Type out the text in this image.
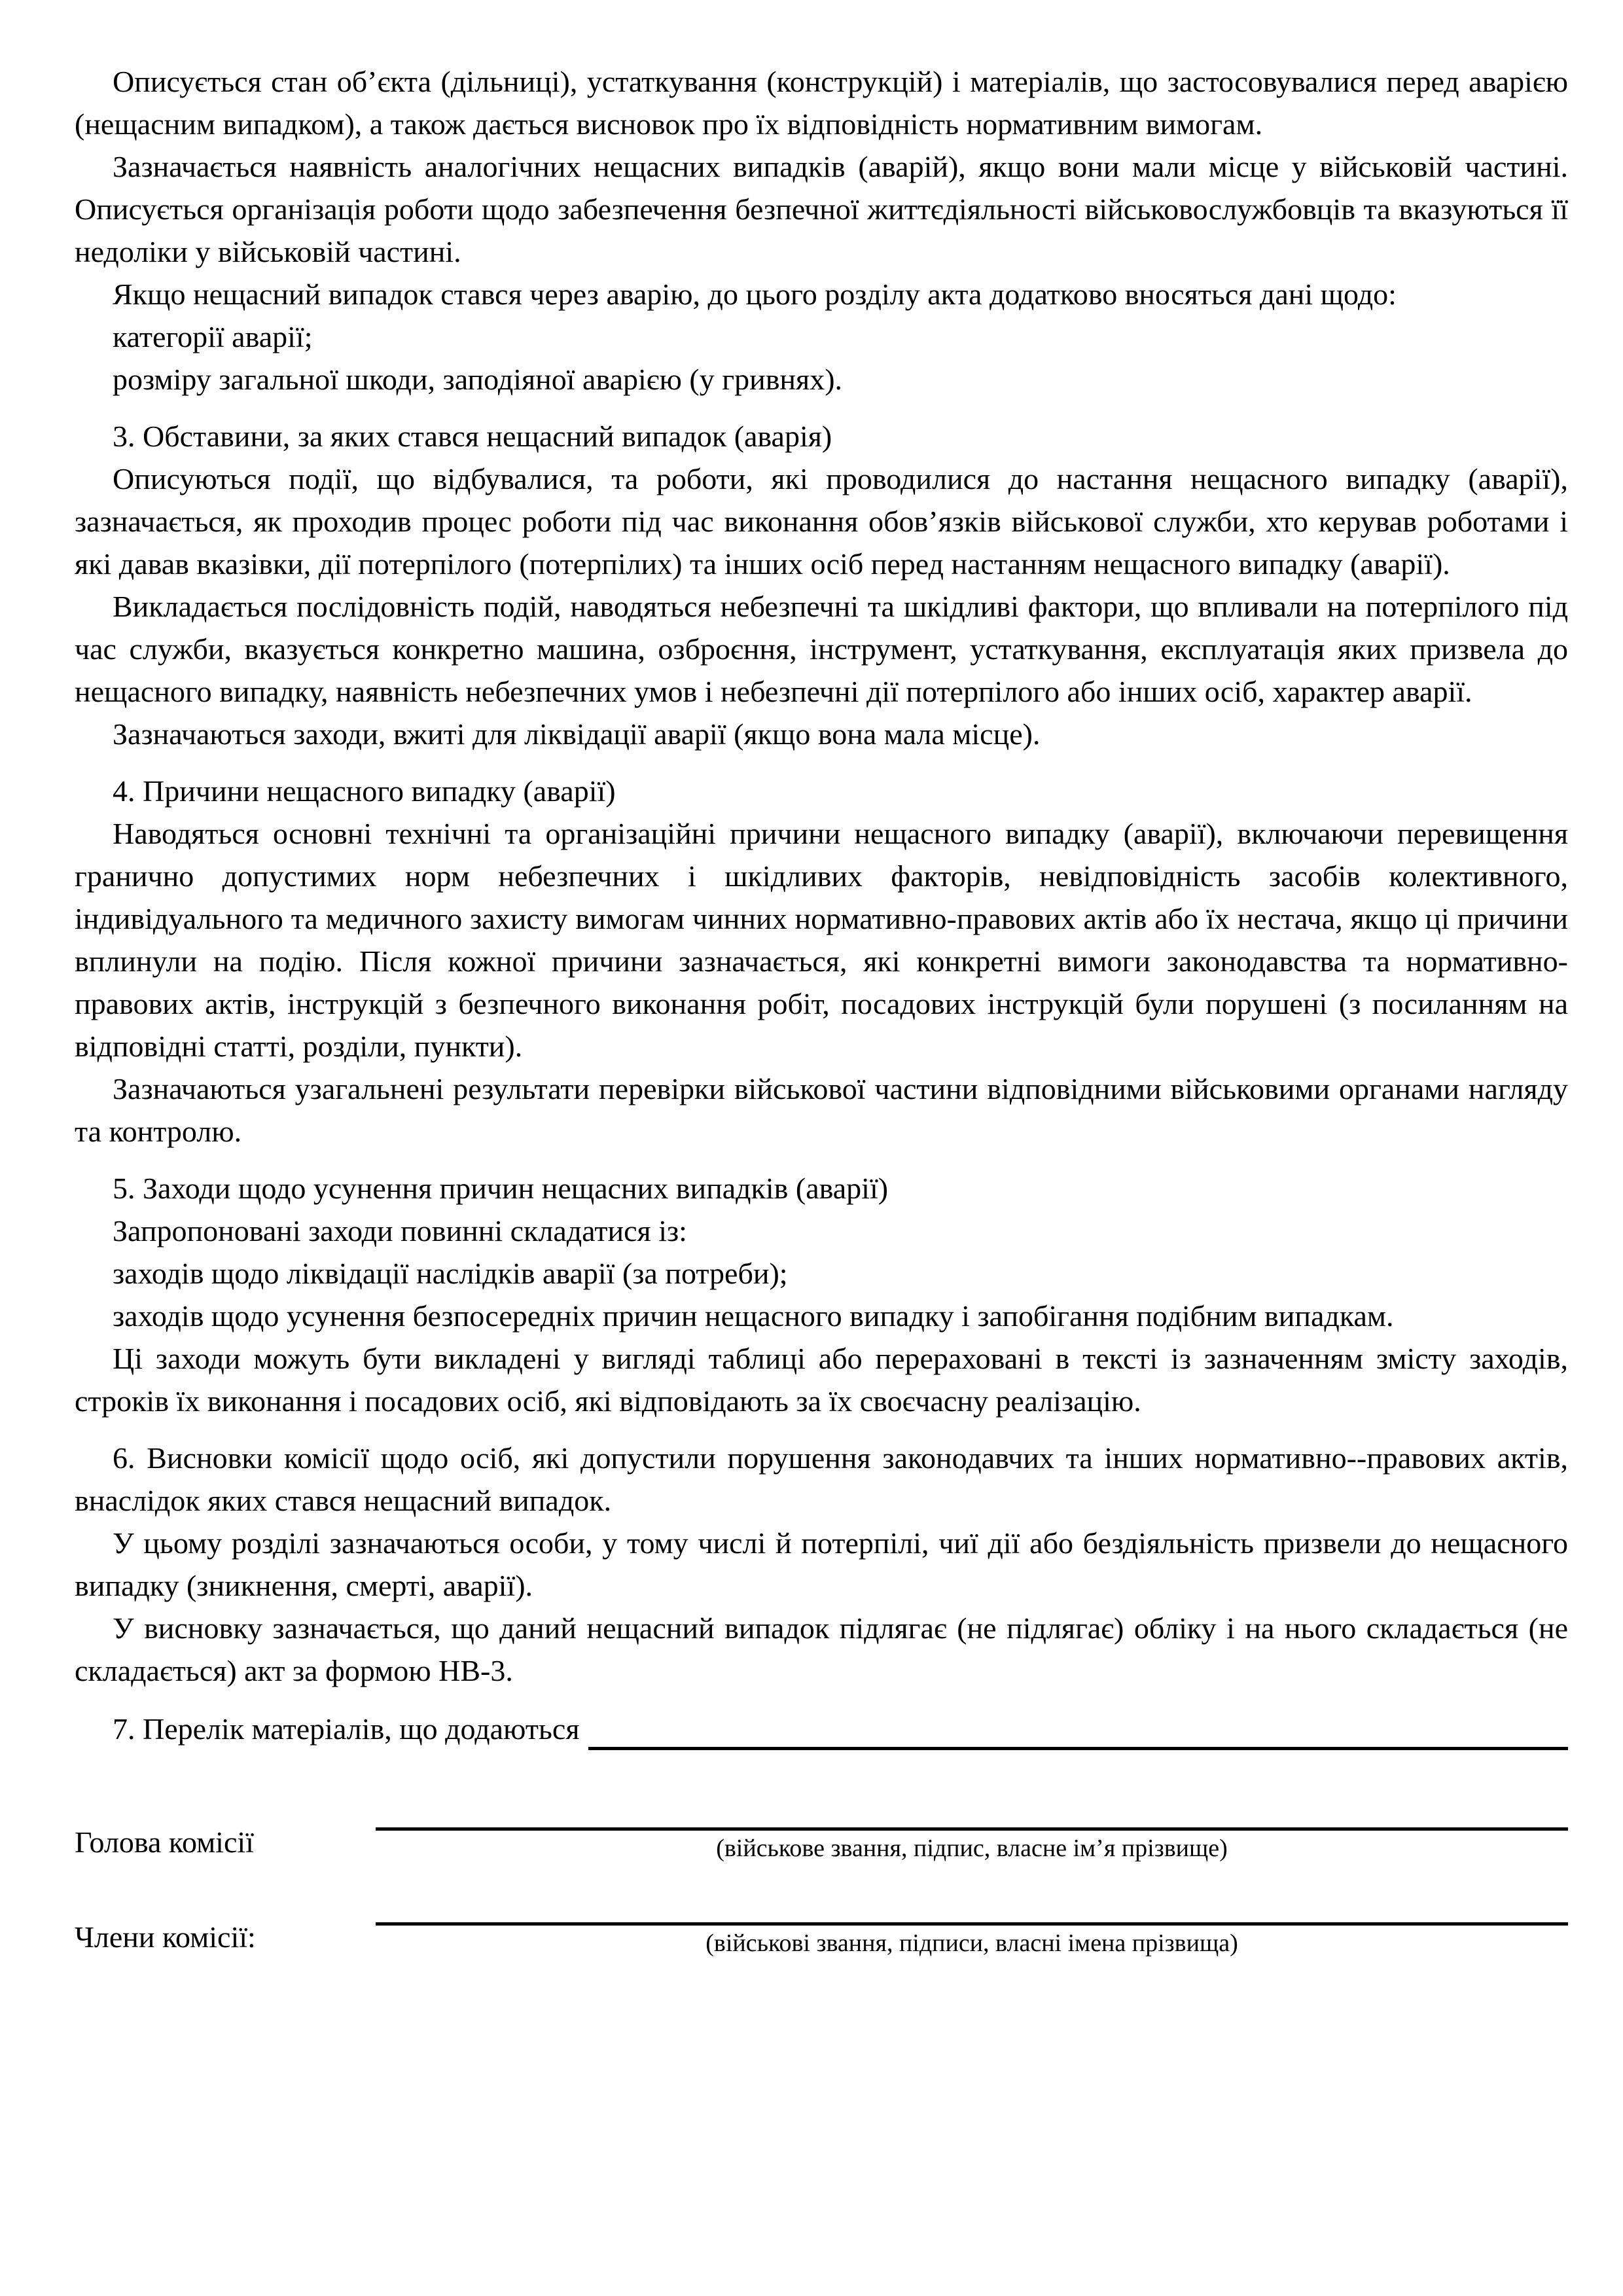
Описується стан об’єкта (дільниці), устаткування (конструкцій) і матеріалів, що застосовувалися перед аварією (нещасним випадком), а також дається висновок про їх відповідність нормативним вимогам.

Зазначається наявність аналогічних нещасних випадків (аварій), якщо вони мали місце у військовій частині. Описується організація роботи щодо забезпечення безпечної життєдіяльності військовослужбовців та вказуються її недоліки у військовій частині.

Якщо нещасний випадок стався через аварію, до цього розділу акта додатково вносяться дані щодо:

категорії аварії;

розміру загальної шкоди, заподіяної аварією (у гривнях).

3. Обставини, за яких стався нещасний випадок (аварія)

Описуються події, що відбувалися, та роботи, які проводилися до настання нещасного випадку (аварії), зазначається, як проходив процес роботи під час виконання обов’язків військової служби, хто керував роботами і які давав вказівки, дії потерпілого (потерпілих) та інших осіб перед настанням нещасного випадку (аварії).

Викладається послідовність подій, наводяться небезпечні та шкідливі фактори, що впливали на потерпілого під час служби, вказується конкретно машина, озброєння, інструмент, устаткування, експлуатація яких призвела до нещасного випадку, наявність небезпечних умов і небезпечні дії потерпілого або інших осіб, характер аварії.

Зазначаються заходи, вжиті для ліквідації аварії (якщо вона мала місце).

4. Причини нещасного випадку (аварії)

Наводяться основні технічні та організаційні причини нещасного випадку (аварії), включаючи перевищення гранично допустимих норм небезпечних і шкідливих факторів, невідповідність засобів колективного, індивідуального та медичного захисту вимогам чинних нормативно-правових актів або їх нестача, якщо ці причини вплинули на подію. Після кожної причини зазначається, які конкретні вимоги законодавства та нормативно-правових актів, інструкцій з безпечного виконання робіт, посадових інструкцій були порушені (з посиланням на відповідні статті, розділи, пункти).

Зазначаються узагальнені результати перевірки військової частини відповідними військовими органами нагляду та контролю.

5. Заходи щодо усунення причин нещасних випадків (аварії)

Запропоновані заходи повинні складатися із:

заходів щодо ліквідації наслідків аварії (за потреби);

заходів щодо усунення безпосередніх причин нещасного випадку і запобігання подібним випадкам.

Ці заходи можуть бути викладені у вигляді таблиці або перераховані в тексті із зазначенням змісту заходів, строків їх виконання і посадових осіб, які відповідають за їх своєчасну реалізацію.

6. Висновки комісії щодо осіб, які допустили порушення законодавчих та інших нормативно--правових актів, внаслідок яких стався нещасний випадок.

У цьому розділі зазначаються особи, у тому числі й потерпілі, чиї дії або бездіяльність призвели до нещасного випадку (зникнення, смерті, аварії).

У висновку зазначається, що даний нещасний випадок підлягає (не підлягає) обліку і на нього складається (не складається) акт за формою НВ-3.

7. Перелік матеріалів, що додаються
Голова комісії	(військове звання, підпис, власне ім’я прізвище)
Члени комісії:	(військові звання, підписи, власні імена прізвища)
